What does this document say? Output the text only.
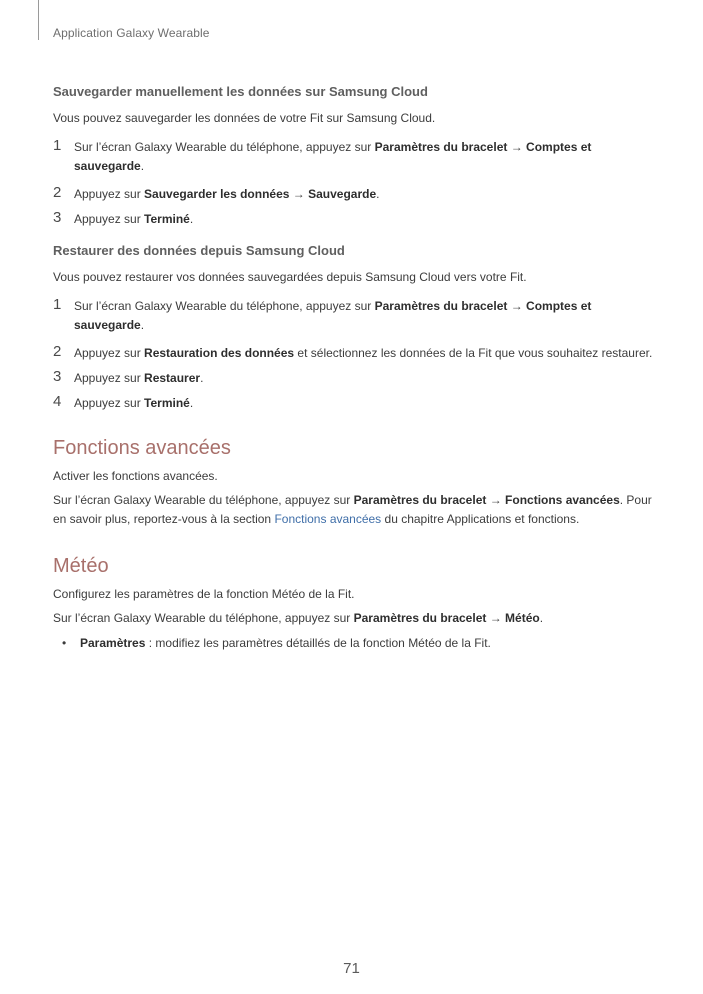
Application Galaxy Wearable

Sauvegarder manuellement les données sur Samsung Cloud

Vous pouvez sauvegarder les données de votre Fit sur Samsung Cloud.

1 Sur l’écran Galaxy Wearable du téléphone, appuyez sur Paramètres du bracelet → Comptes et sauvegarde.
2 Appuyez sur Sauvegarder les données → Sauvegarde.
3 Appuyez sur Terminé.

Restaurer des données depuis Samsung Cloud

Vous pouvez restaurer vos données sauvegardées depuis Samsung Cloud vers votre Fit.

1 Sur l’écran Galaxy Wearable du téléphone, appuyez sur Paramètres du bracelet → Comptes et sauvegarde.
2 Appuyez sur Restauration des données et sélectionnez les données de la Fit que vous souhaitez restaurer.
3 Appuyez sur Restaurer.
4 Appuyez sur Terminé.
Fonctions avancées

Activer les fonctions avancées.

Sur l’écran Galaxy Wearable du téléphone, appuyez sur Paramètres du bracelet → Fonctions avancées. Pour en savoir plus, reportez-vous à la section Fonctions avancées du chapitre Applications et fonctions.

Météo

Configurez les paramètres de la fonction Météo de la Fit.

Sur l’écran Galaxy Wearable du téléphone, appuyez sur Paramètres du bracelet → Météo.

• Paramètres : modifiez les paramètres détaillés de la fonction Météo de la Fit.
71
